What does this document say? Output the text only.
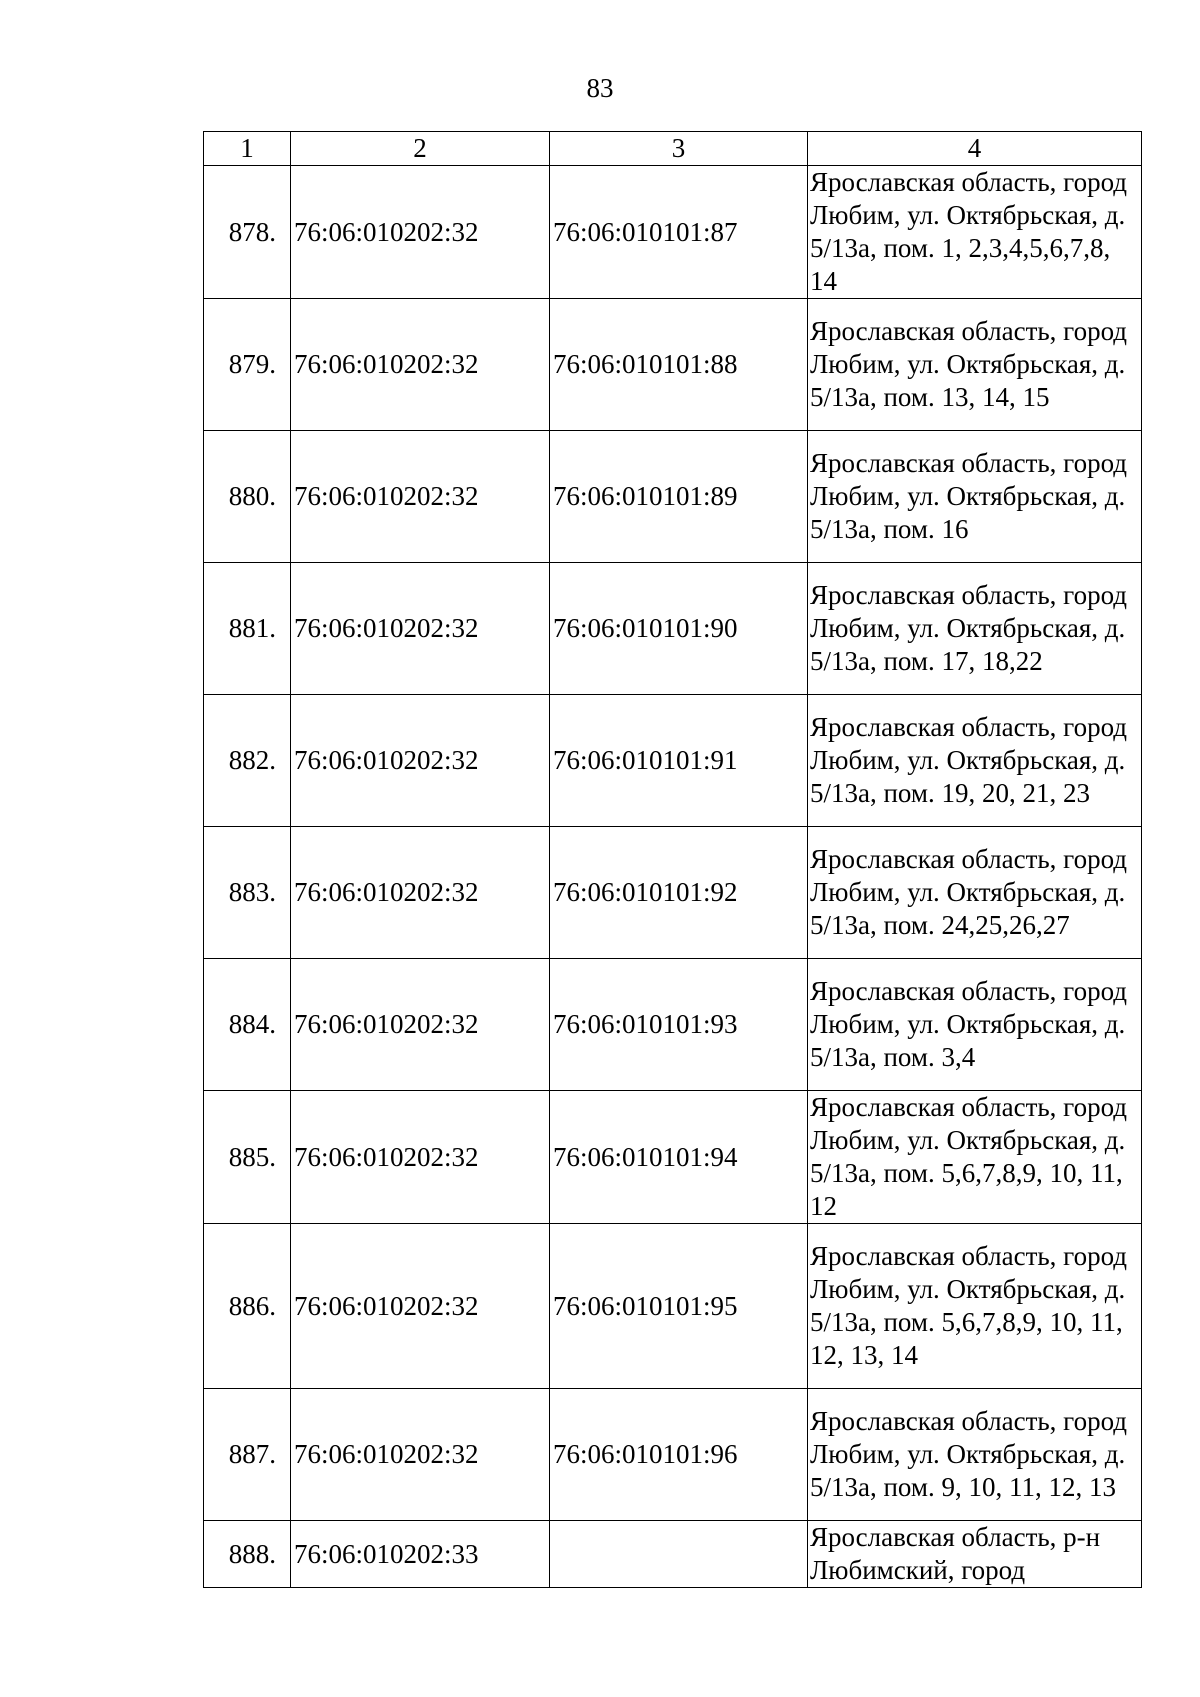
83
1	2	3	4
878.	76:06:010202:32	76:06:010101:87	Ярославская область, город Любим, ул. Октябрьская, д. 5/13а, пом. 1, 2,3,4,5,6,7,8, 14
879.	76:06:010202:32	76:06:010101:88	Ярославская область, город Любим, ул. Октябрьская, д. 5/13а, пом. 13, 14, 15
880.	76:06:010202:32	76:06:010101:89	Ярославская область, город Любим, ул. Октябрьская, д. 5/13а, пом. 16
881.	76:06:010202:32	76:06:010101:90	Ярославская область, город Любим, ул. Октябрьская, д. 5/13а, пом. 17, 18,22
882.	76:06:010202:32	76:06:010101:91	Ярославская область, город Любим, ул. Октябрьская, д. 5/13а, пом. 19, 20, 21, 23
883.	76:06:010202:32	76:06:010101:92	Ярославская область, город Любим, ул. Октябрьская, д. 5/13а, пом. 24,25,26,27
884.	76:06:010202:32	76:06:010101:93	Ярославская область, город Любим, ул. Октябрьская, д. 5/13а, пом. 3,4
885.	76:06:010202:32	76:06:010101:94	Ярославская область, город Любим, ул. Октябрьская, д. 5/13а, пом. 5,6,7,8,9, 10, 11, 12
886.	76:06:010202:32	76:06:010101:95	Ярославская область, город Любим, ул. Октябрьская, д. 5/13а, пом. 5,6,7,8,9, 10, 11, 12, 13, 14
887.	76:06:010202:32	76:06:010101:96	Ярославская область, город Любим, ул. Октябрьская, д. 5/13а, пом. 9, 10, 11, 12, 13
888.	76:06:010202:33		Ярославская область, р-н Любимский, город
